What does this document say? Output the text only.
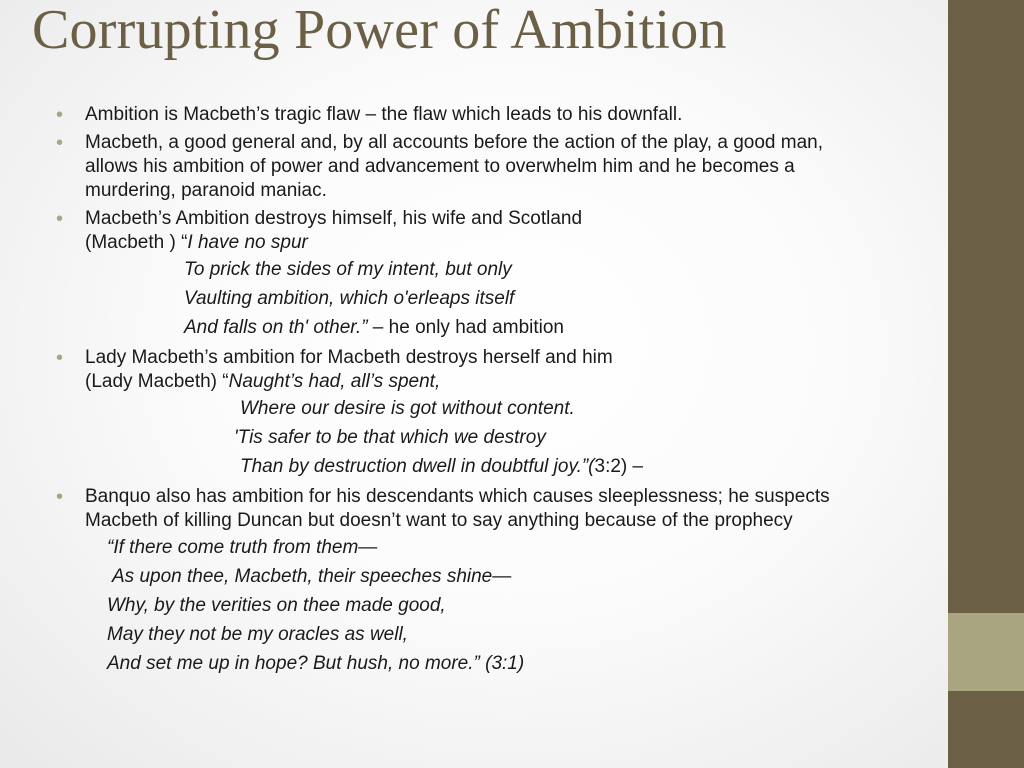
Corrupting Power of Ambition
• Ambition is Macbeth’s tragic flaw – the flaw which leads to his downfall.
• Macbeth, a good general and, by all accounts before the action of the play, a good man,
allows his ambition of power and advancement to overwhelm him and he becomes a
murdering, paranoid maniac.
• Macbeth’s Ambition destroys himself, his wife and Scotland
(Macbeth ) “I have no spur
To prick the sides of my intent, but only
Vaulting ambition, which o'erleaps itself
And falls on th' other.” – he only had ambition
• Lady Macbeth’s ambition for Macbeth destroys herself and him
(Lady Macbeth) “Naught’s had, all’s spent,
Where our desire is got without content.
'Tis safer to be that which we destroy
Than by destruction dwell in doubtful joy.”(3:2) –
• Banquo also has ambition for his descendants which causes sleeplessness; he suspects
Macbeth of killing Duncan but doesn’t want to say anything because of the prophecy
“If there come truth from them—
As upon thee, Macbeth, their speeches shine—
Why, by the verities on thee made good,
May they not be my oracles as well,
And set me up in hope? But hush, no more.” (3:1)
